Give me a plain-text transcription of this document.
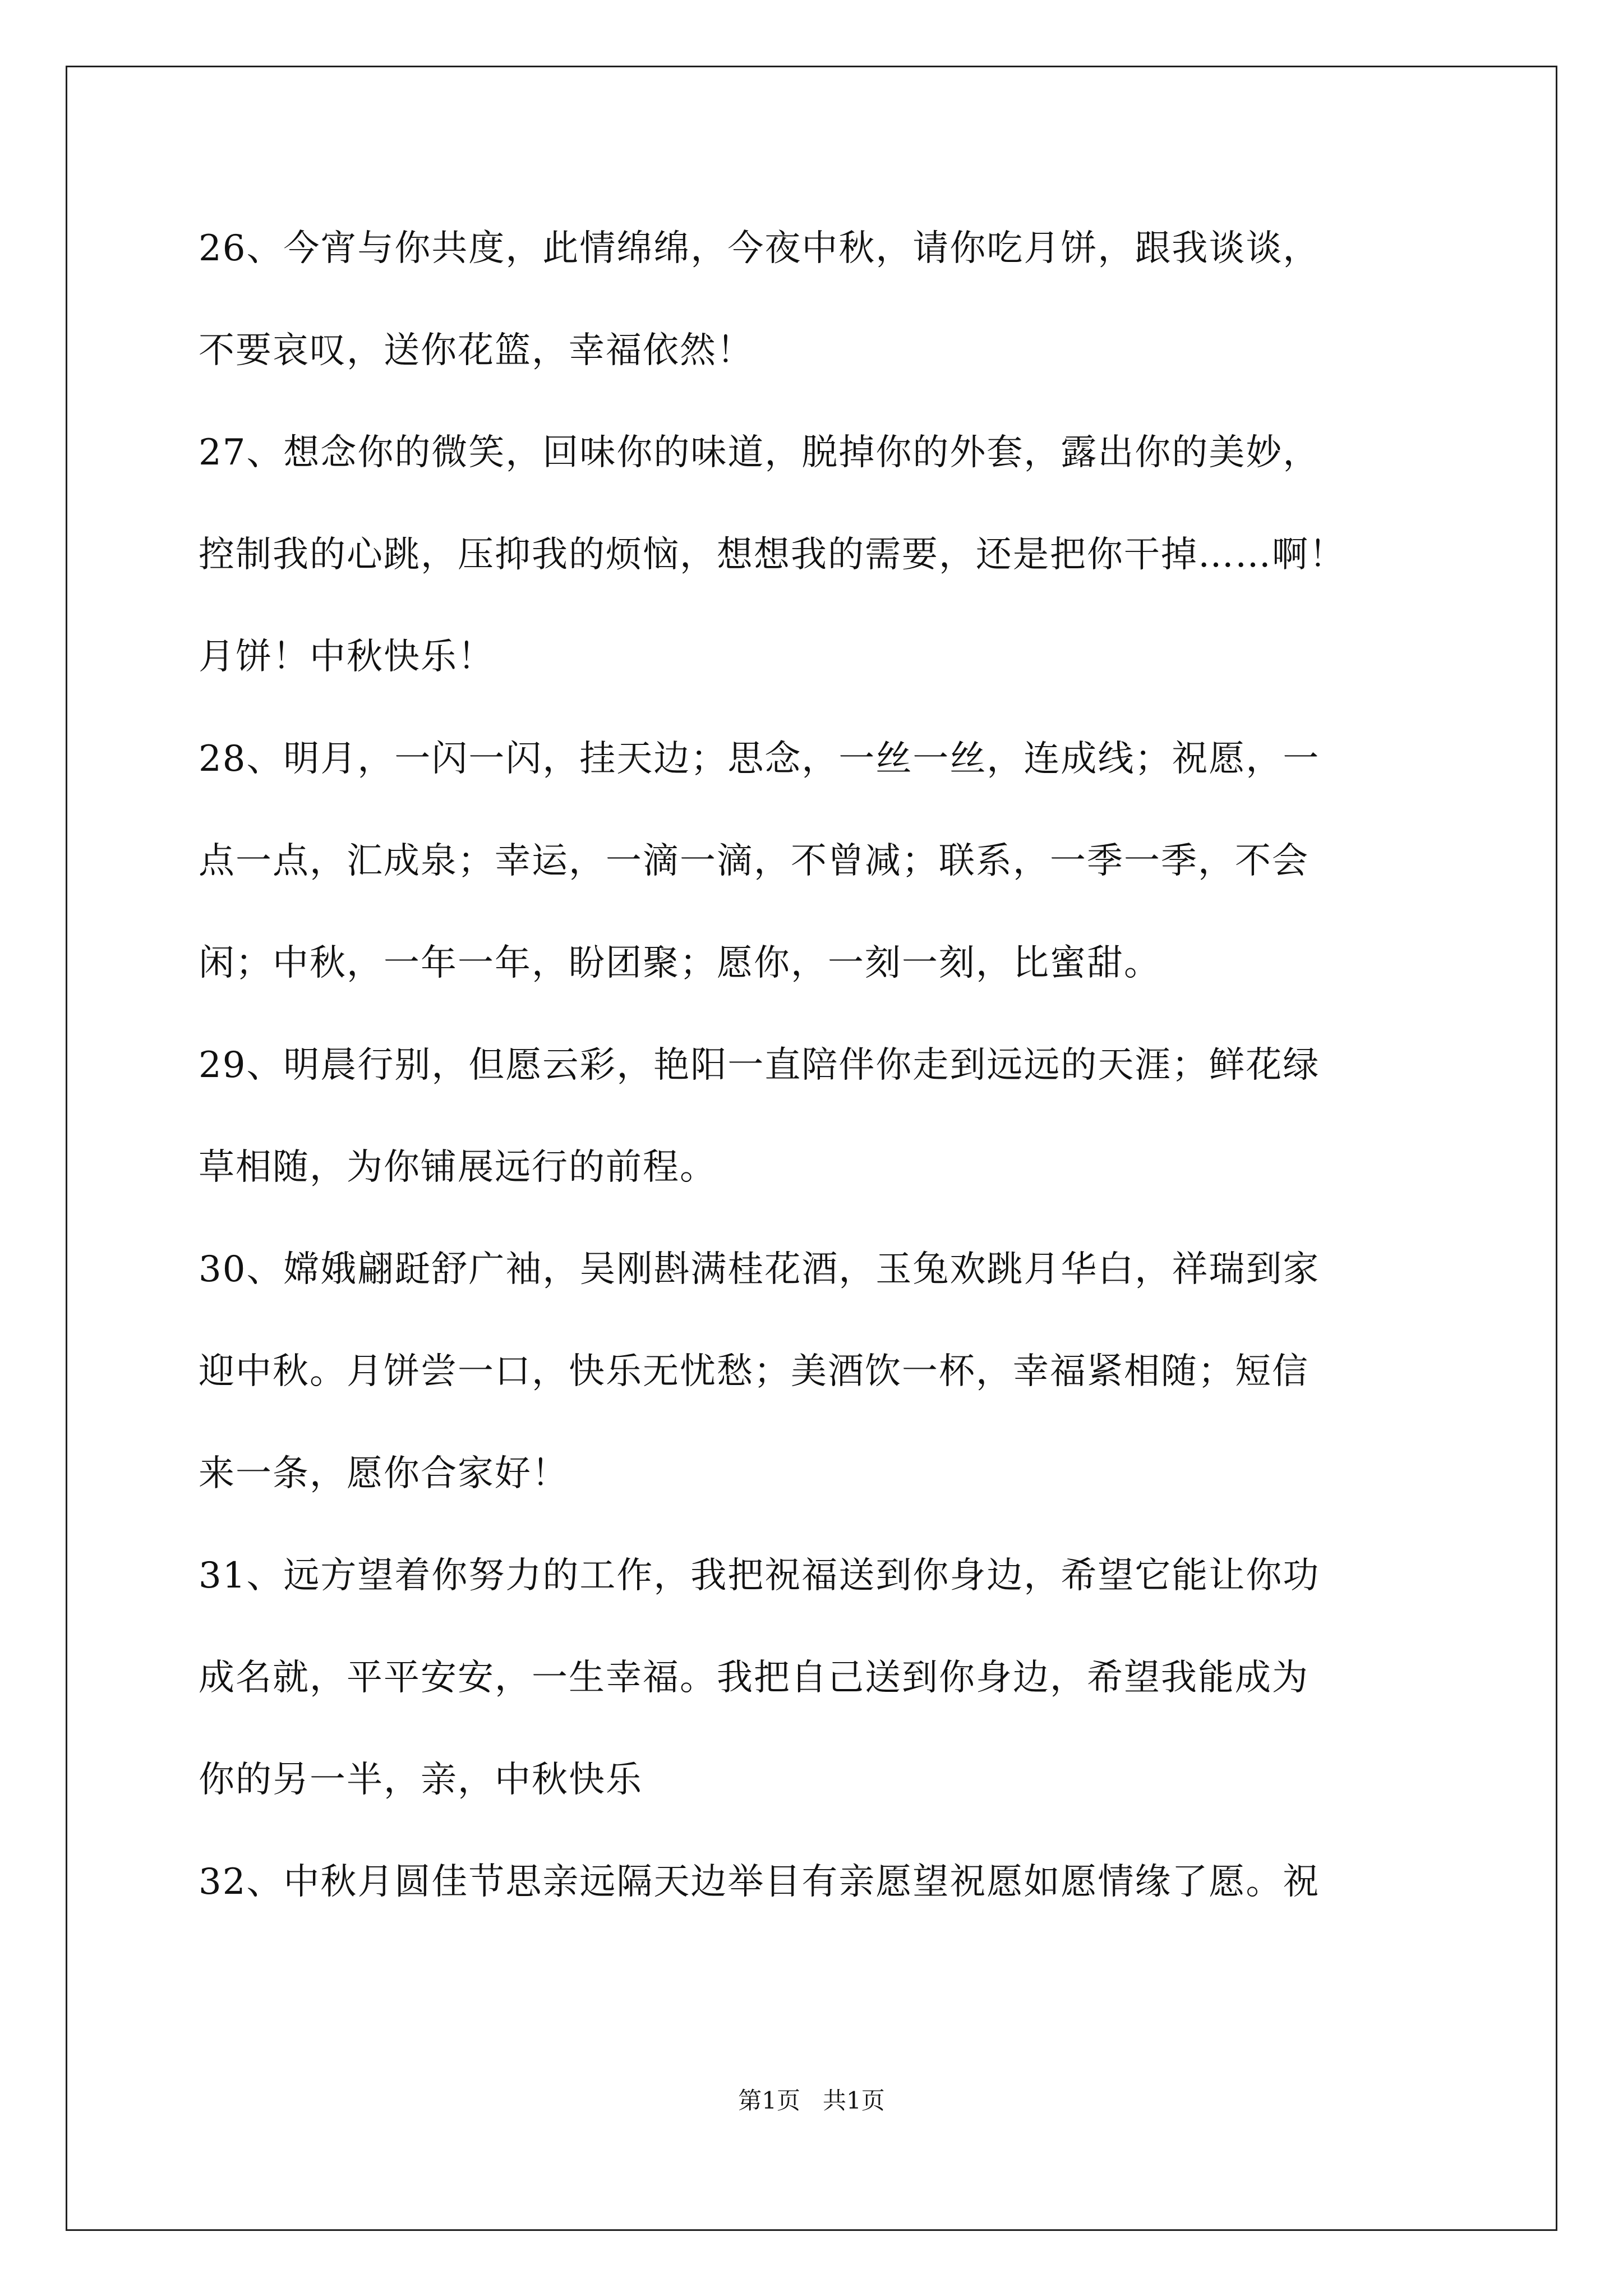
26、今宵与你共度，此情绵绵，今夜中秋，请你吃月饼，跟我谈谈，
不要哀叹，送你花篮，幸福依然！
27、想念你的微笑，回味你的味道，脱掉你的外套，露出你的美妙，
控制我的心跳，压抑我的烦恼，想想我的需要，还是把你干掉……啊！
月饼！中秋快乐！
28、明月，一闪一闪，挂天边；思念，一丝一丝，连成线；祝愿，一
点一点，汇成泉；幸运，一滴一滴，不曾减；联系，一季一季，不会
闲；中秋，一年一年，盼团聚；愿你，一刻一刻，比蜜甜。
29、明晨行别，但愿云彩，艳阳一直陪伴你走到远远的天涯；鲜花绿
草相随，为你铺展远行的前程。
30、嫦娥翩跹舒广袖，吴刚斟满桂花酒，玉兔欢跳月华白，祥瑞到家
迎中秋。月饼尝一口，快乐无忧愁；美酒饮一杯，幸福紧相随；短信
来一条，愿你合家好！
31、远方望着你努力的工作，我把祝福送到你身边，希望它能让你功
成名就，平平安安，一生幸福。我把自己送到你身边，希望我能成为
你的另一半，亲，中秋快乐
32、中秋月圆佳节思亲远隔天边举目有亲愿望祝愿如愿情缘了愿。祝
第1页   共1页
